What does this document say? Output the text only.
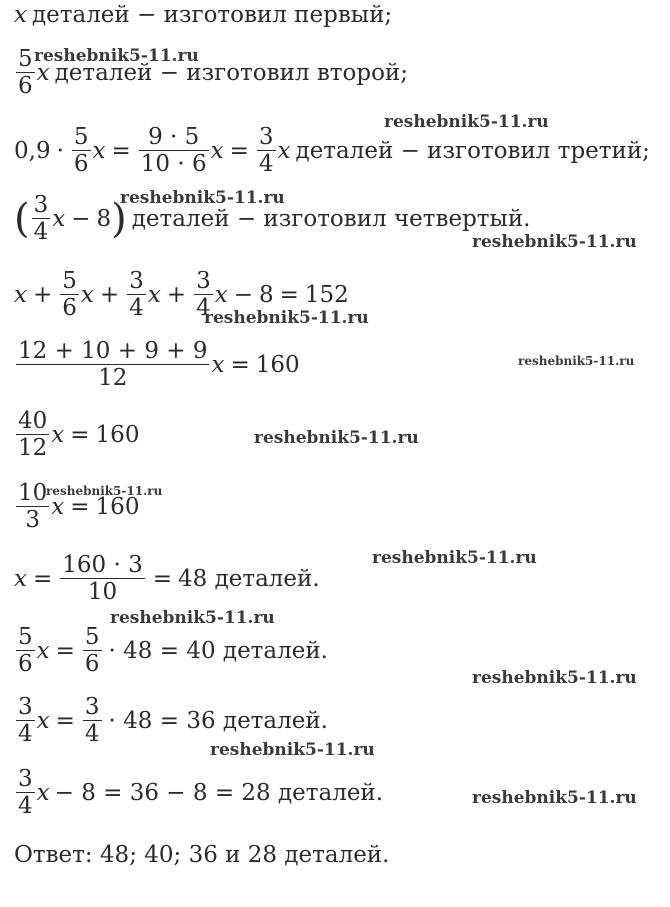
x деталей − изготовил первый;
$\frac{5}{6}$ x деталей − изготовил второй;
$0,9 \cdot \frac{5}{6}$ $x = \frac{9 \cdot 5}{10 \cdot 6}$ $x = \frac{3}{4}$ x деталей − изготовил третий;
( $\frac{3}{4}$ x − 8 ) деталей − изготовил четвертый.
$x + \frac{5}{6}$ $x + \frac{3}{4}$ $x + \frac{3}{4}$ x − 8 = 152
$\frac{12 + 10 + 9 + 9}{12}$ x = 160
$\frac{40}{12}$ x = 160
$\frac{10}{3}$ x = 160
$x = \frac{160 \cdot 3}{10} = 48$ деталей.
$\frac{5}{6}$ $x = \frac{5}{6} \cdot 48 = 40$ деталей.
$\frac{3}{4}$ $x = \frac{3}{4} \cdot 48 = 36$ деталей.
$\frac{3}{4}$ x − 8 = 36 − 8 = 28 деталей.
Ответ: 48; 40; 36 и 28 деталей.
reshebnik5-11.ru
reshebnik5-11.ru
reshebnik5-11.ru
reshebnik5-11.ru
reshebnik5-11.ru
reshebnik5-11.ru
reshebnik5-11.ru
reshebnik5-11.ru
reshebnik5-11.ru
reshebnik5-11.ru
reshebnik5-11.ru
reshebnik5-11.ru
reshebnik5-11.ru
